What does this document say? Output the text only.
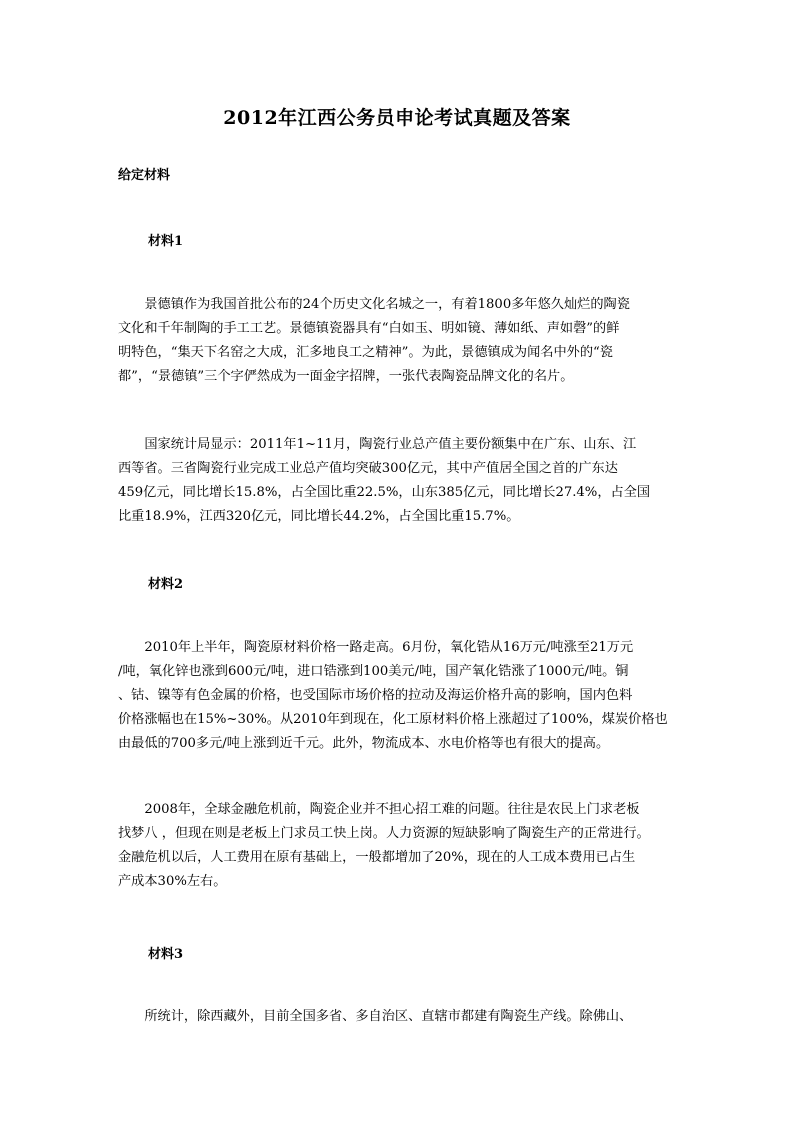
2012年江西公务员申论考试真题及答案
给定材料
材料1
　　景德镇作为我国首批公布的24个历史文化名城之一，有着1800多年悠久灿烂的陶瓷
文化和千年制陶的手工工艺。景德镇瓷器具有“白如玉、明如镜、薄如纸、声如磬”的鲜
明特色，“集天下名窑之大成，汇多地良工之精神”。为此，景德镇成为闻名中外的“瓷
都”，“景德镇”三个字俨然成为一面金字招牌，一张代表陶瓷品牌文化的名片。
　　国家统计局显示：2011年1~11月，陶瓷行业总产值主要份额集中在广东、山东、江
西等省。三省陶瓷行业完成工业总产值均突破300亿元，其中产值居全国之首的广东达
459亿元，同比增长15.8%，占全国比重22.5%，山东385亿元，同比增长27.4%，占全国
比重18.9%，江西320亿元，同比增长44.2%，占全国比重15.7%。
材料2
　　2010年上半年，陶瓷原材料价格一路走高。6月份，氧化锆从16万元/吨涨至21万元
/吨，氧化锌也涨到600元/吨，进口锆涨到100美元/吨，国产氧化锆涨了1000元/吨。铜
、钴、镍等有色金属的价格，也受国际市场价格的拉动及海运价格升高的影响，国内色料
价格涨幅也在15%~30%。从2010年到现在，化工原材料价格上涨超过了100%，煤炭价格也
由最低的700多元/吨上涨到近千元。此外，物流成本、水电价格等也有很大的提高。
　　2008年，全球金融危机前，陶瓷企业并不担心招工难的问题。往往是农民上门求老板
找梦八 ，但现在则是老板上门求员工快上岗。人力资源的短缺影响了陶瓷生产的正常进行。
金融危机以后，人工费用在原有基础上，一般都增加了20%，现在的人工成本费用已占生
产成本30%左右。
材料3
　　所统计，除西藏外，目前全国多省、多自治区、直辖市都建有陶瓷生产线。除佛山、
